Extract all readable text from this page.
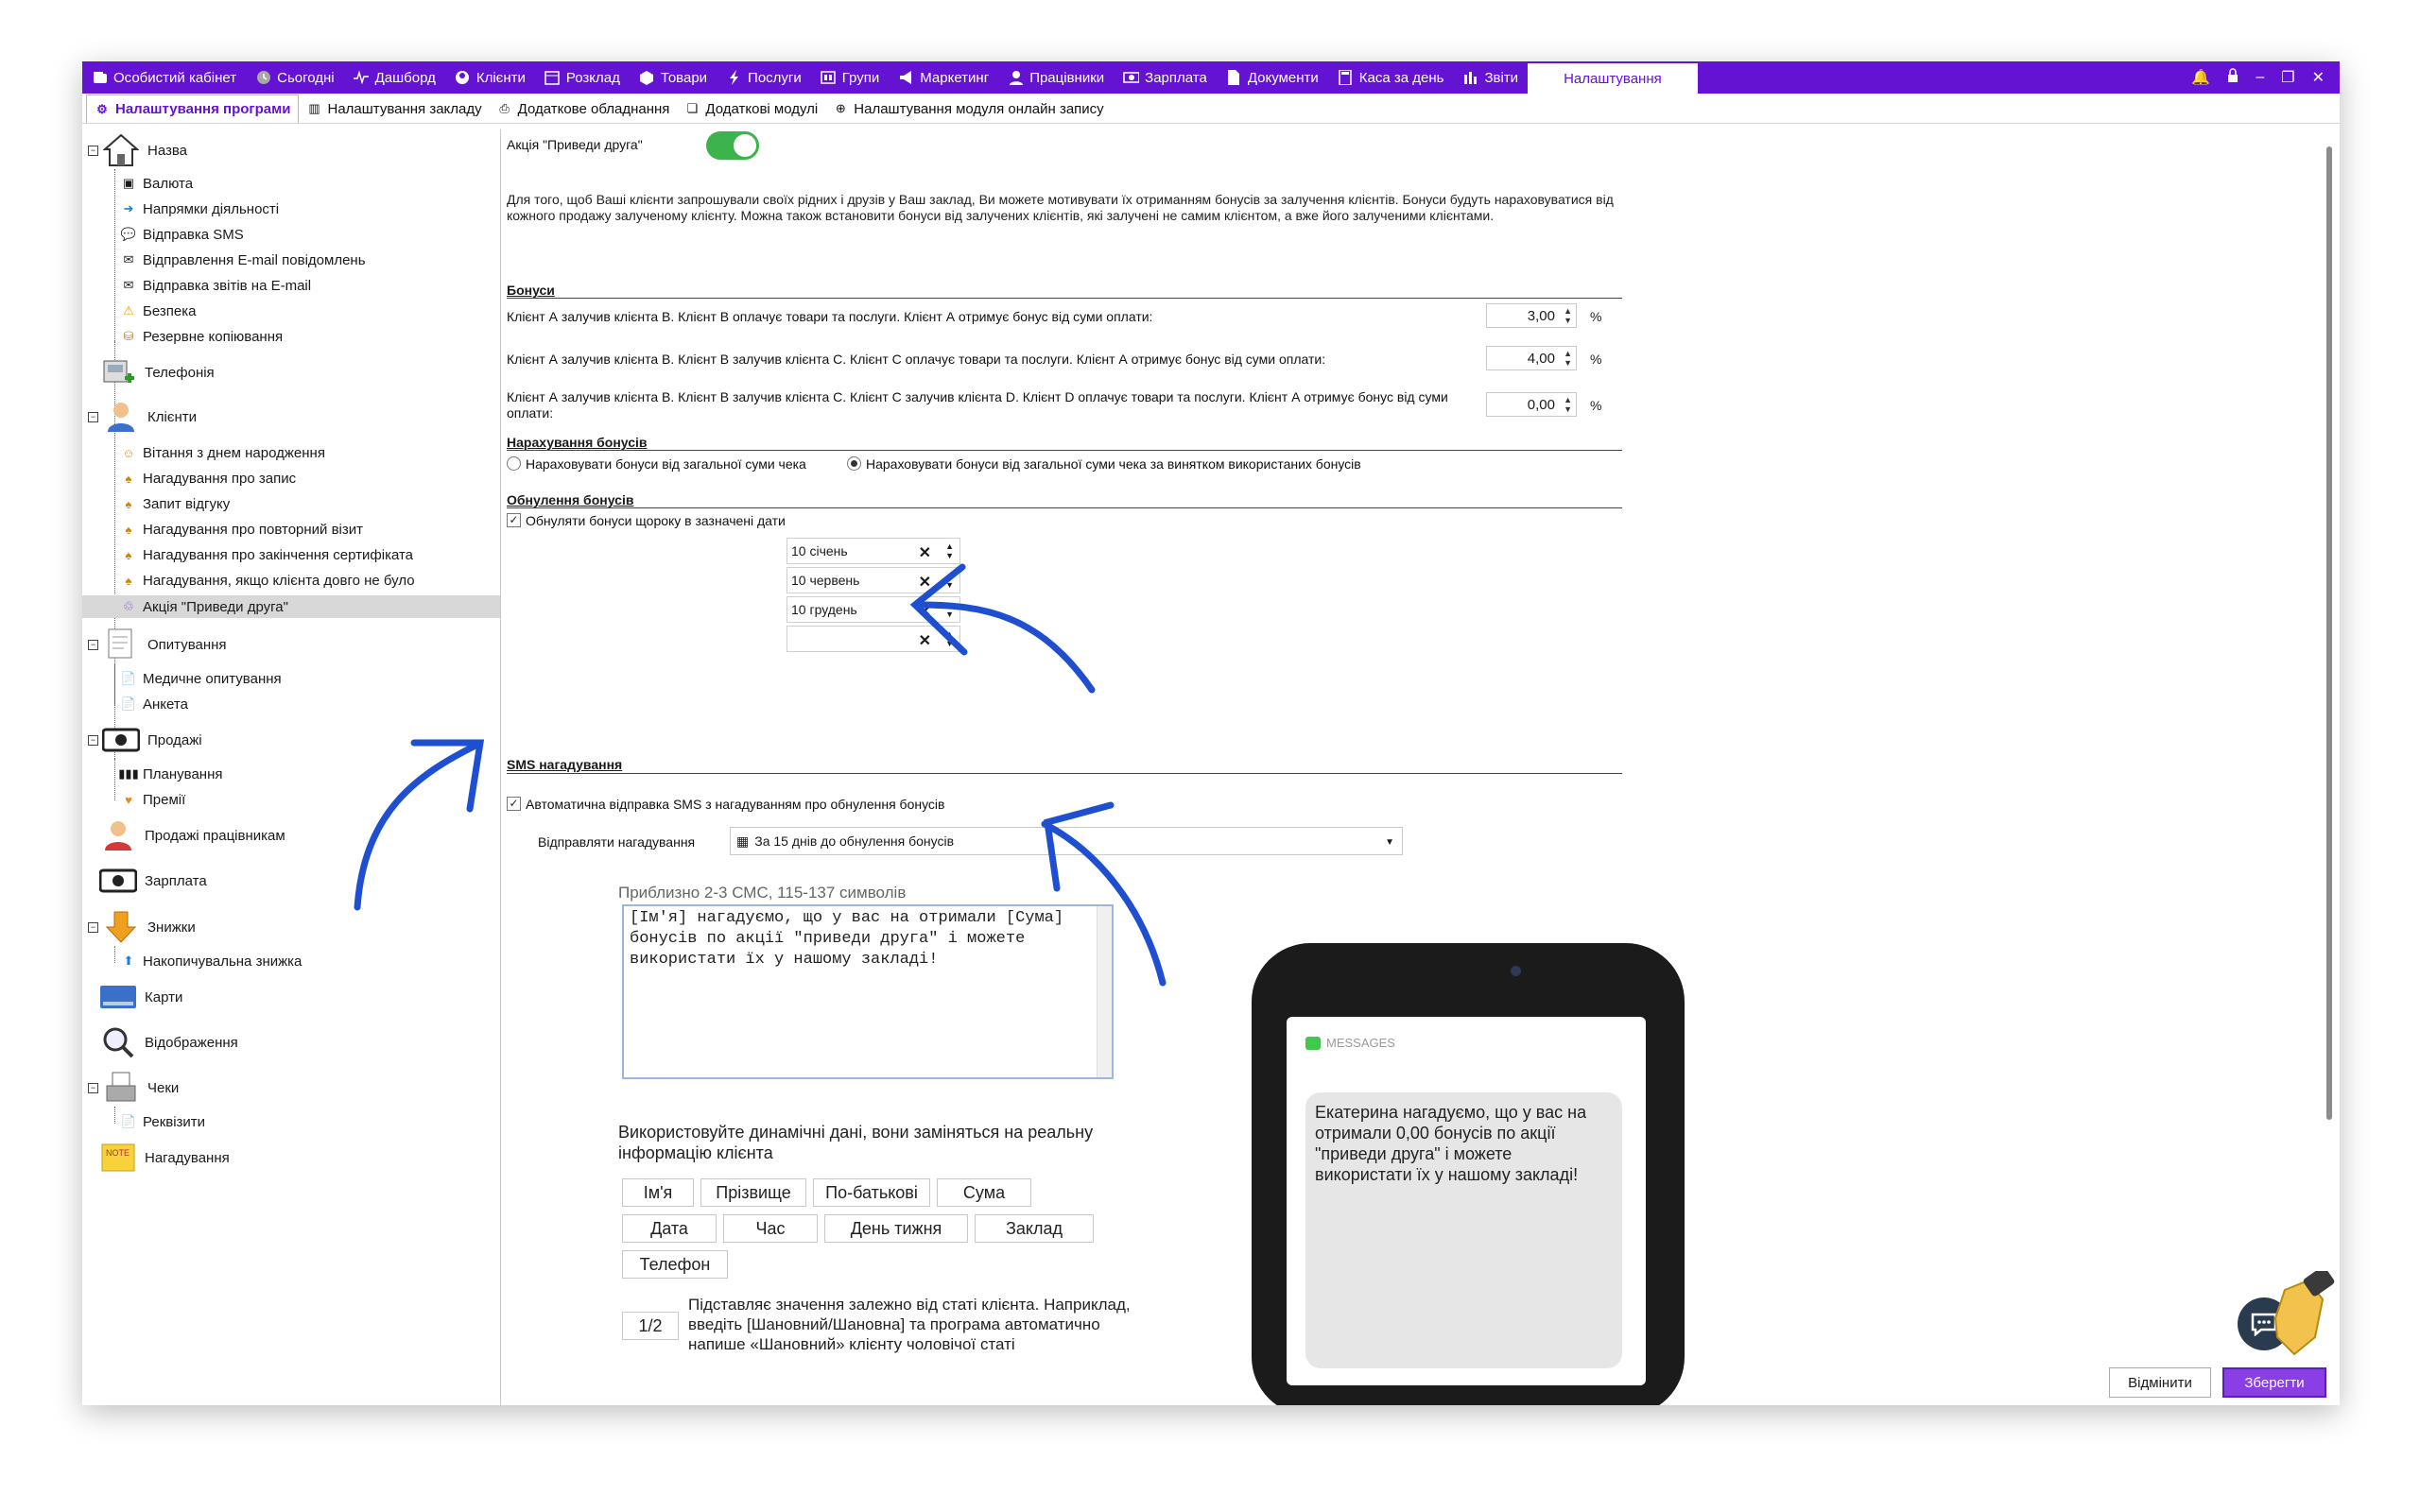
Особистий кабінет	Сьогодні	Дашборд	Клієнти	Розклад	Товари	Послуги	Групи	Маркетинг	Працівники	Зарплата	Документи	Каса за день	Звіти	Налаштування	🔔	– ❐ ✕
⚙ Налаштування програми ▥ Налаштування закладу ⎙ Додаткове обладнання ❏ Додаткові модулі ⊕ Налаштування модуля онлайн запису
−	Назва
▣ Валюта
➜ Напрямки діяльності
💬 Відправка SMS
✉ Відправлення E-mail повідомлень
✉ Відправка звітів на E-mail
⚠ Безпека
⛁ Резервне копіювання
Телефонія
−	Клієнти
☺ Вітання з днем народження
♠ Нагадування про запис
♠ Запит відгуку
♠ Нагадування про повторний візит
♠ Нагадування про закінчення сертифіката
♠ Нагадування, якщо клієнта довго не було
♲ Акція "Приведи друга"
−	Опитування
📄 Медичне опитування
📄 Анкета
−	Продажі
▮▮▮ Планування
♥ Премії
Продажі працівникам
Зарплата
−	Знижки
⬆ Накопичувальна знижка
Карти
Відображення
−	Чеки
📄 Реквізити
NOTE Нагадування
Акція "Приведи друга"
Для того, щоб Ваші клієнти запрошували своїх рідних і друзів у Ваш заклад, Ви можете мотивувати їх отриманням бонусів за залучення клієнтів. Бонуси будуть нараховуватися від кожного продажу залученому клієнту. Можна також встановити бонуси від залучених клієнтів, які залучені не самим клієнтом, а вже його залученими клієнтами.
Бонуси
Клієнт А залучив клієнта В. Клієнт В оплачує товари та послуги. Клієнт А отримує бонус від суми оплати:	3,00 ▲
▼ %
Клієнт А залучив клієнта В. Клієнт В залучив клієнта С. Клієнт С оплачує товари та послуги. Клієнт А отримує бонус від суми оплати:	4,00 ▲
▼ %
Клієнт А залучив клієнта В. Клієнт В залучив клієнта С. Клієнт С залучив клієнта D. Клієнт D оплачує товари та послуги. Клієнт А отримує бонус від суми оплати:
0,00 ▲
▼ %
Нарахування бонусів
Нараховувати бонуси від загальної суми чека	Нараховувати бонуси від загальної суми чека за винятком використаних бонусів
Обнулення бонусів
✓ Обнуляти бонуси щороку в зазначені дати
10 січень	✕ ▲
▼
10 червень	✕ ▲
▼
10 грудень	✕ ▲
▼
✕ ▲
▼
SMS нагадування
✓ Автоматична відправка SMS з нагадуванням про обнулення бонусів
Відправляти нагадування	▦ За 15 днів до обнулення бонусів	▼
Приблизно 2-3 СМС, 115-137 символів
[Ім'я] нагадуємо, що у вас на отримали [Сума] бонусів по акції "приведи друга" і можете використати їх у нашому закладі!
Використовуйте динамічні дані, вони заміняться на реальну інформацію клієнта
Ім'я	Прізвище	По-батькові	Сума
Дата	Час	День тижня	Заклад
Телефон
1/2
Підставляє значення залежно від статі клієнта. Наприклад, введіть [Шановний/Шановна] та програма автоматично напише «Шановний» клієнту чоловічої статі
MESSAGES
Екатерина нагадуємо, що у вас на отримали 0,00 бонусів по акції "приведи друга" і можете використати їх у нашому закладі!
Відмінити	Зберегти
